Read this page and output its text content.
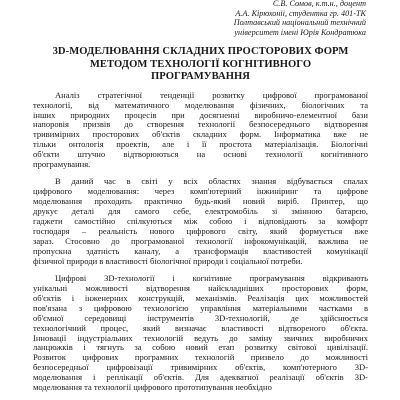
С.В. Сомов, к.т.н., доцент
А.А. Кірюхоніі, студентка гр. 401-ТК
Полтавський національний технічний
університет імені Юрія Кондратюка
3D-МОДЕЛЮВАННЯ СКЛАДНИХ ПРОСТОРОВИХ ФОРМ
МЕТОДОМ ТЕХНОЛОГІЇ КОГНІТИВНОГО
ПРОГРАМУВАННЯ
Аналіз стратегічної тенденції розвитку цифрової програмованої
технології, від математичного моделювання фізичних, біологічних та
інших природних процесів при досягненні виробничо-елементної бази
напоровія призвів до створення технології безпосереднього відтворення
тривимірних просторових об'єктів складних форм. Інформатика вже не
тільки онтологія проектів, але і її простота матеріалізація. Біологічні
об'єкти штучно відтворюються на основі технології когнітивного
програмування.
В даний час в світі у всіх областях знання відбувається спалах
цифрового моделювання: через комп'ютерний інжиніринг та цифрове
моделювання проходить практично будь-який новий виріб. Принтер, що
друкує деталі для самого себе, електромобіль зі змінною батарєю,
гаджети самостійно спілкуються між собою і відповідають за комфорт
господаря – реальність нового цифрового світу, який формується вже
зараз. Стосовно до програмованої технології інфокомунікацій, важлива не
пропускна здатність каналу, а трансформація властивостей комунікації
фізичної природи в властивості біологічної природи і соціальної потреби.
Цифрові 3D-технології і когнітивне програмування відкривають
унікальні можливості відтворення найскладніших просторових форм,
об'єктів і інженерних конструкцій, механізмів. Реалізація цих можливостей
пов'язана з цифровою технологією управління матеріальними частками в
об'ємної середовищі інструментів 3D-технологій, де здійснюється
технологічний процес, який визначає властивості відтвореного об'єкта.
Інновації індустріальних технологій ведуть до заміну звичних виробничих
ланцюжків і тягнуть за собою новий етап розвитку світової цивілізації.
Розвиток цифрових програмних технологій призвело до можливості
безпосередньої цифровізації тривимірних об'єктів, комп'ютерного 3D-
моделювання і реплікації об'єктів. Для адекватної реалізації об'єктів 3D-
моделювання та технології цифрового прототипування необхідно
